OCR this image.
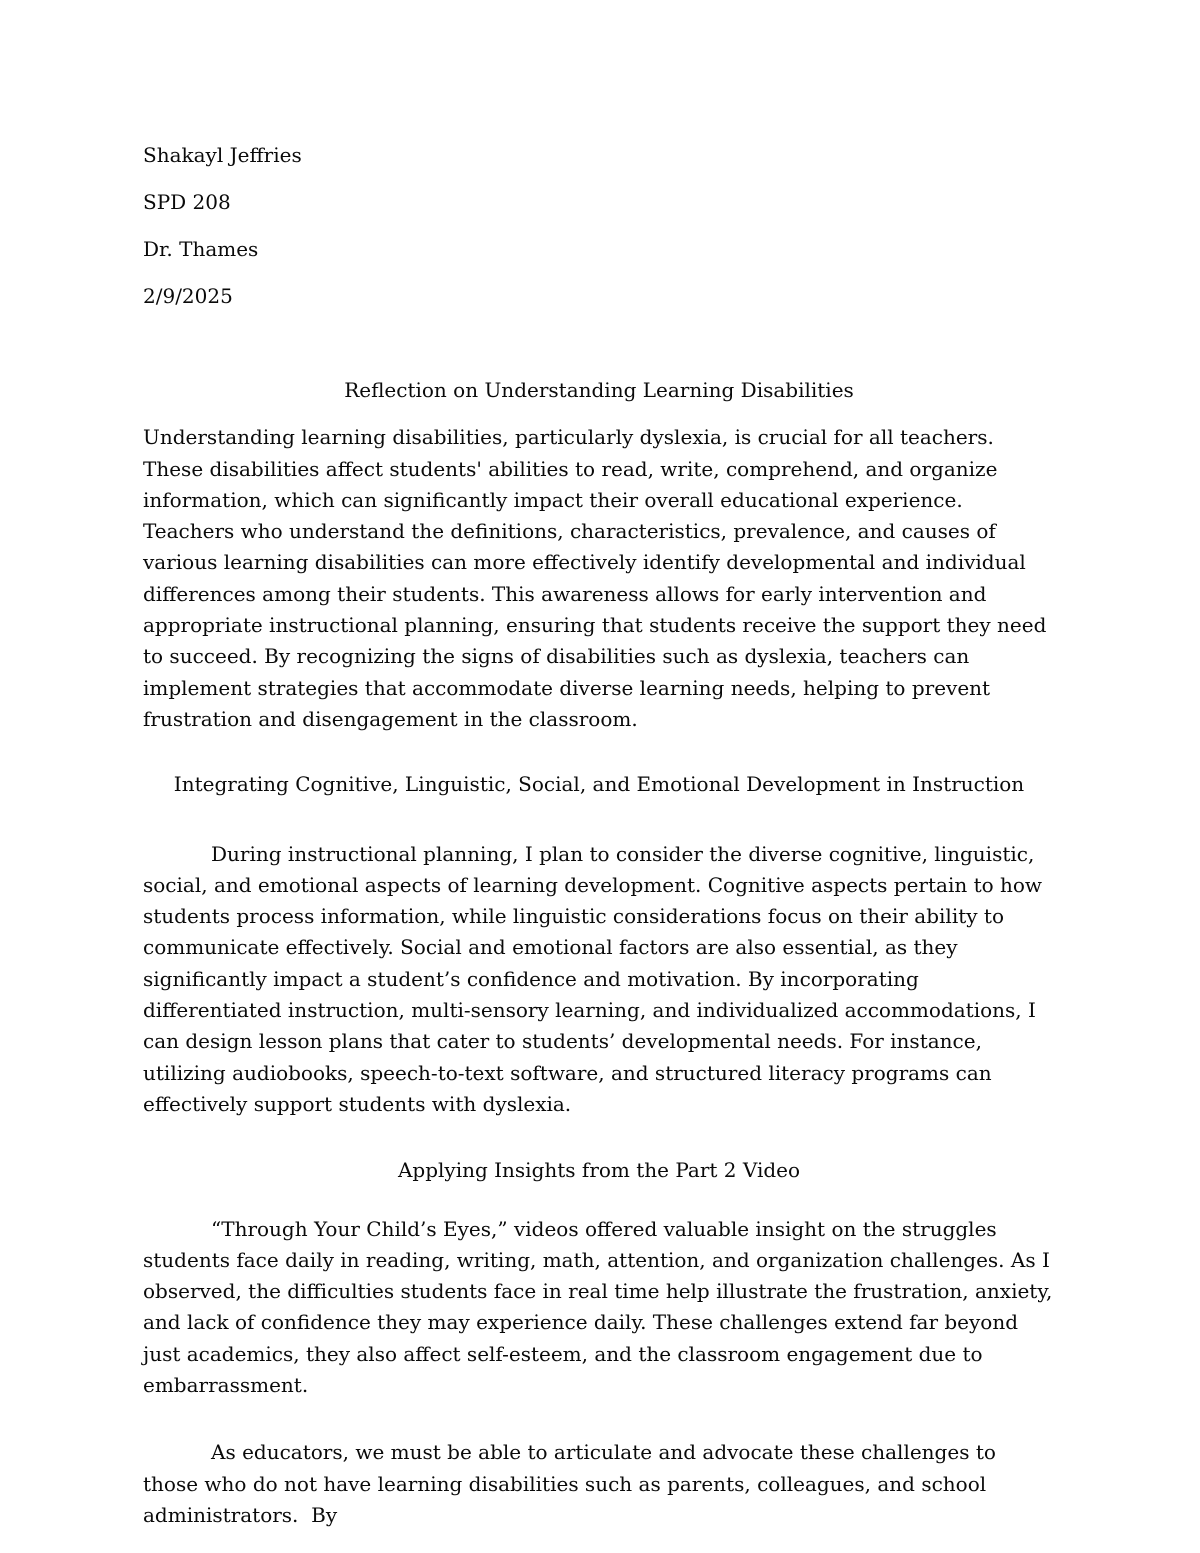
Shakayl Jeffries

SPD 208

Dr. Thames

2/9/2025

Reflection on Understanding Learning Disabilities

Understanding learning disabilities, particularly dyslexia, is crucial for all teachers. These disabilities affect students' abilities to read, write, comprehend, and organize information, which can significantly impact their overall educational experience. Teachers who understand the definitions, characteristics, prevalence, and causes of various learning disabilities can more effectively identify developmental and individual differences among their students. This awareness allows for early intervention and appropriate instructional planning, ensuring that students receive the support they need to succeed. By recognizing the signs of disabilities such as dyslexia, teachers can implement strategies that accommodate diverse learning needs, helping to prevent frustration and disengagement in the classroom.

Integrating Cognitive, Linguistic, Social, and Emotional Development in Instruction

During instructional planning, I plan to consider the diverse cognitive, linguistic, social, and emotional aspects of learning development. Cognitive aspects pertain to how students process information, while linguistic considerations focus on their ability to communicate effectively. Social and emotional factors are also essential, as they significantly impact a student’s confidence and motivation. By incorporating differentiated instruction, multi-sensory learning, and individualized accommodations, I can design lesson plans that cater to students’ developmental needs. For instance, utilizing audiobooks, speech-to-text software, and structured literacy programs can effectively support students with dyslexia.

Applying Insights from the Part 2 Video

“Through Your Child’s Eyes,” videos offered valuable insight on the struggles students face daily in reading, writing, math, attention, and organization challenges. As I observed, the difficulties students face in real time help illustrate the frustration, anxiety, and lack of confidence they may experience daily. These challenges extend far beyond just academics, they also affect self-esteem, and the classroom engagement due to embarrassment.

As educators, we must be able to articulate and advocate these challenges to those who do not have learning disabilities such as parents, colleagues, and school administrators.  By
